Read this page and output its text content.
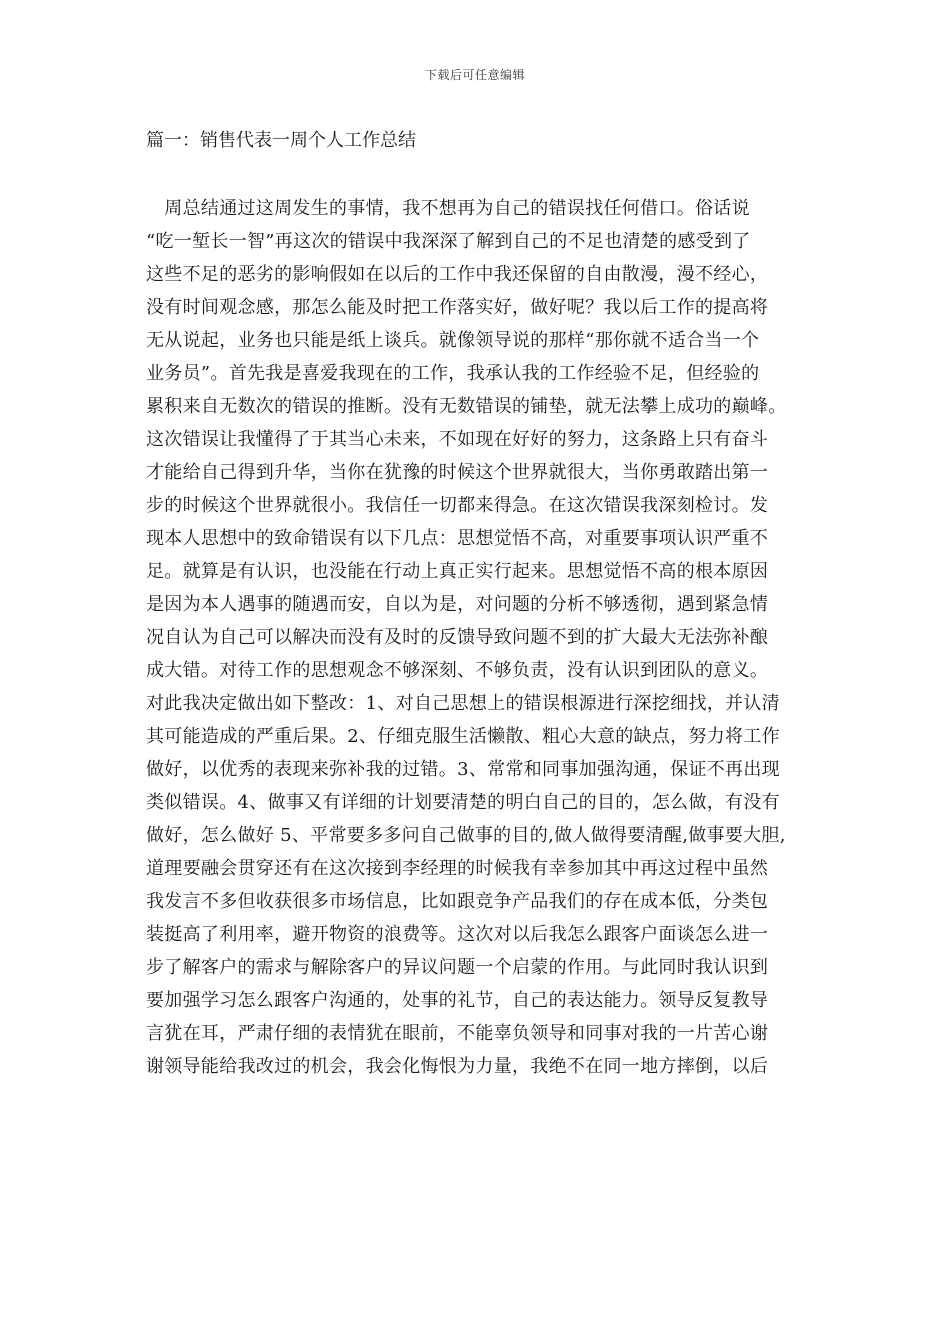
下载后可任意编辑
篇一：销售代表一周个人工作总结
　周总结通过这周发生的事情，我不想再为自己的错误找任何借口。俗话说
“吃一堑长一智”再这次的错误中我深深了解到自己的不足也清楚的感受到了
这些不足的恶劣的影响假如在以后的工作中我还保留的自由散漫，漫不经心，
没有时间观念感，那怎么能及时把工作落实好，做好呢？我以后工作的提高将
无从说起，业务也只能是纸上谈兵。就像领导说的那样“那你就不适合当一个
业务员”。首先我是喜爱我现在的工作，我承认我的工作经验不足，但经验的
累积来自无数次的错误的推断。没有无数错误的铺垫，就无法攀上成功的巅峰。
这次错误让我懂得了于其当心未来，不如现在好好的努力，这条路上只有奋斗
才能给自己得到升华，当你在犹豫的时候这个世界就很大，当你勇敢踏出第一
步的时候这个世界就很小。我信任一切都来得急。在这次错误我深刻检讨。发
现本人思想中的致命错误有以下几点：思想觉悟不高，对重要事项认识严重不
足。就算是有认识，也没能在行动上真正实行起来。思想觉悟不高的根本原因
是因为本人遇事的随遇而安，自以为是，对问题的分析不够透彻，遇到紧急情
况自认为自己可以解决而没有及时的反馈导致问题不到的扩大最大无法弥补酿
成大错。对待工作的思想观念不够深刻、不够负责，没有认识到团队的意义。
对此我决定做出如下整改：1、对自己思想上的错误根源进行深挖细找，并认清
其可能造成的严重后果。2、仔细克服生活懒散、粗心大意的缺点，努力将工作
做好，以优秀的表现来弥补我的过错。3、常常和同事加强沟通，保证不再出现
类似错误。4、做事又有详细的计划要清楚的明白自己的目的，怎么做，有没有
做好，怎么做好 5、平常要多多问自己做事的目的,做人做得要清醒,做事要大胆,
道理要融会贯穿还有在这次接到李经理的时候我有幸参加其中再这过程中虽然
我发言不多但收获很多市场信息，比如跟竞争产品我们的存在成本低，分类包
装挺高了利用率，避开物资的浪费等。这次对以后我怎么跟客户面谈怎么进一
步了解客户的需求与解除客户的异议问题一个启蒙的作用。与此同时我认识到
要加强学习怎么跟客户沟通的，处事的礼节，自己的表达能力。领导反复教导
言犹在耳，严肃仔细的表情犹在眼前，不能辜负领导和同事对我的一片苦心谢
谢领导能给我改过的机会，我会化悔恨为力量，我绝不在同一地方摔倒，以后
